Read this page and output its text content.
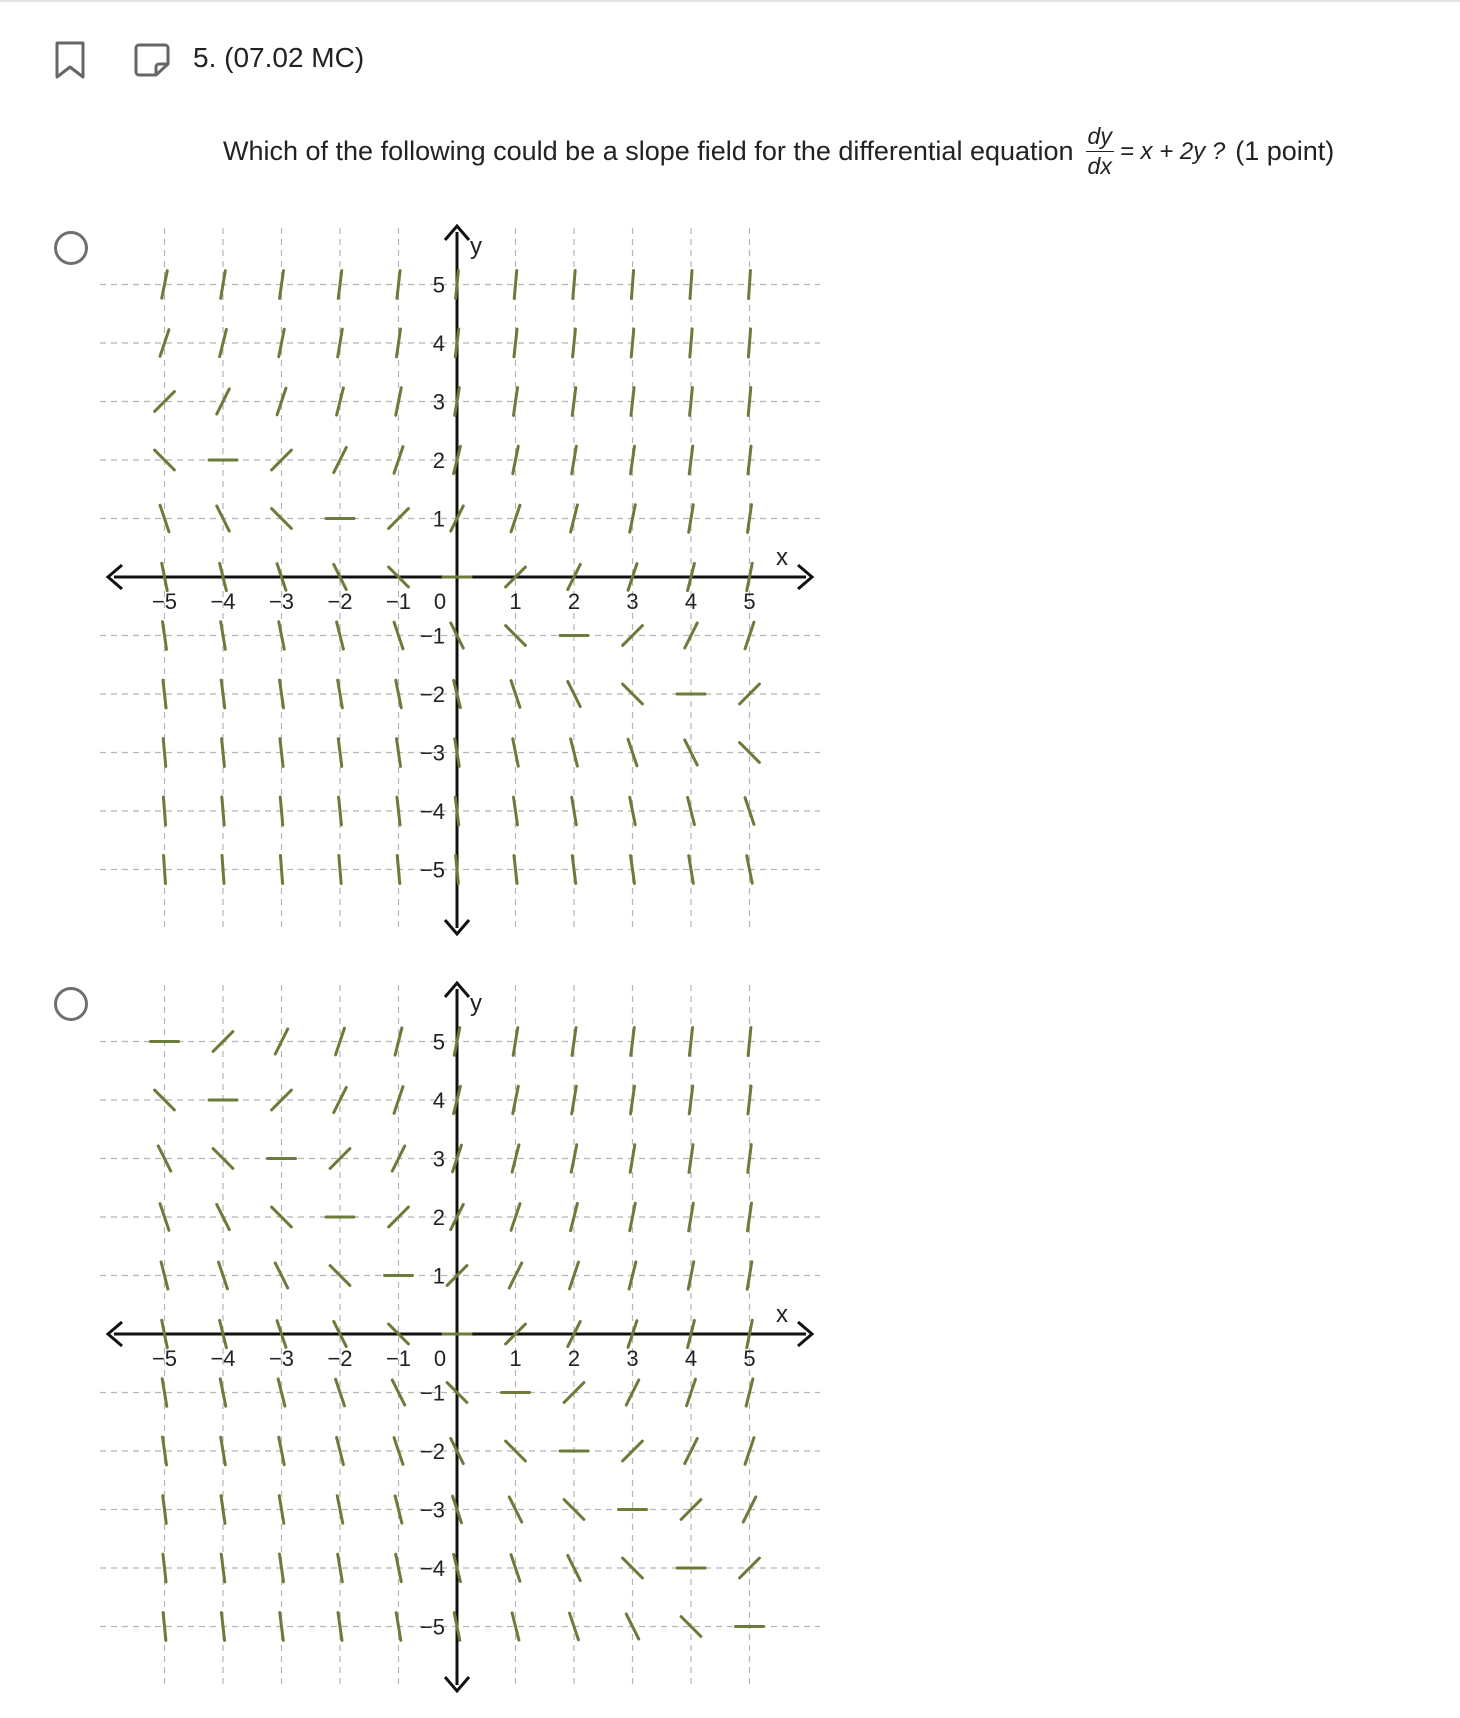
5. (07.02 MC)
Which of the following could be a slope field for the differential equation $\frac{dy}{dx} = x + 2y$ ? (1 point)
x
y
−5 −4 −3 −2 −1 0	1 2 3 4 5
5
4
3
2
1
−1
−2
−3
−4
−5
x
y
−5 −4 −3 −2 −1 0	1 2 3 4 5
5
4
3
2
1
−1
−2
−3
−4
−5
